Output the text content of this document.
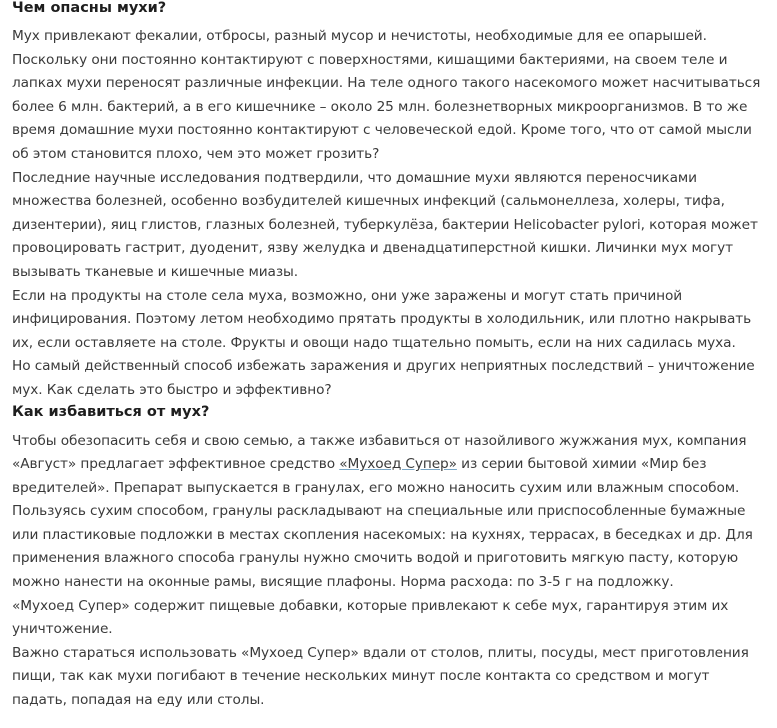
Чем опасны мухи?

Мух привлекают фекалии, отбросы, разный мусор и нечистоты, необходимые для ее опарышей. Поскольку они постоянно контактируют с поверхностями, кишащими бактериями, на своем теле и лапках мухи переносят различные инфекции. На теле одного такого насекомого может насчитываться более 6 млн. бактерий, а в его кишечнике – около 25 млн. болезнетворных микроорганизмов. В то же время домашние мухи постоянно контактируют с человеческой едой. Кроме того, что от самой мысли об этом становится плохо, чем это может грозить?

Последние научные исследования подтвердили, что домашние мухи являются переносчиками множества болезней, особенно возбудителей кишечных инфекций (сальмонеллеза, холеры, тифа, дизентерии), яиц глистов, глазных болезней, туберкулёза, бактерии Helicobacter pylori, которая может провоцировать гастрит, дуоденит, язву желудка и двенадцатиперстной кишки. Личинки мух могут вызывать тканевые и кишечные миазы.

Если на продукты на столе села муха, возможно, они уже заражены и могут стать причиной инфицирования. Поэтому летом необходимо прятать продукты в холодильник, или плотно накрывать их, если оставляете на столе. Фрукты и овощи надо тщательно помыть, если на них садилась муха.

Но самый действенный способ избежать заражения и других неприятных последствий – уничтожение мух. Как сделать это быстро и эффективно?

Как избавиться от мух?

Чтобы обезопасить себя и свою семью, а также избавиться от назойливого жужжания мух, компания «Август» предлагает эффективное средство «Мухоед Супер» из серии бытовой химии «Мир без вредителей». Препарат выпускается в гранулах, его можно наносить сухим или влажным способом.

Пользуясь сухим способом, гранулы раскладывают на специальные или приспособленные бумажные или пластиковые подложки в местах скопления насекомых: на кухнях, террасах, в беседках и др. Для применения влажного способа гранулы нужно смочить водой и приготовить мягкую пасту, которую можно нанести на оконные рамы, висящие плафоны. Норма расхода: по 3-5 г на подложку.

«Мухоед Супер» содержит пищевые добавки, которые привлекают к себе мух, гарантируя этим их уничтожение.

Важно стараться использовать «Мухоед Супер» вдали от столов, плиты, посуды, мест приготовления пищи, так как мухи погибают в течение нескольких минут после контакта со средством и могут падать, попадая на еду или столы.
